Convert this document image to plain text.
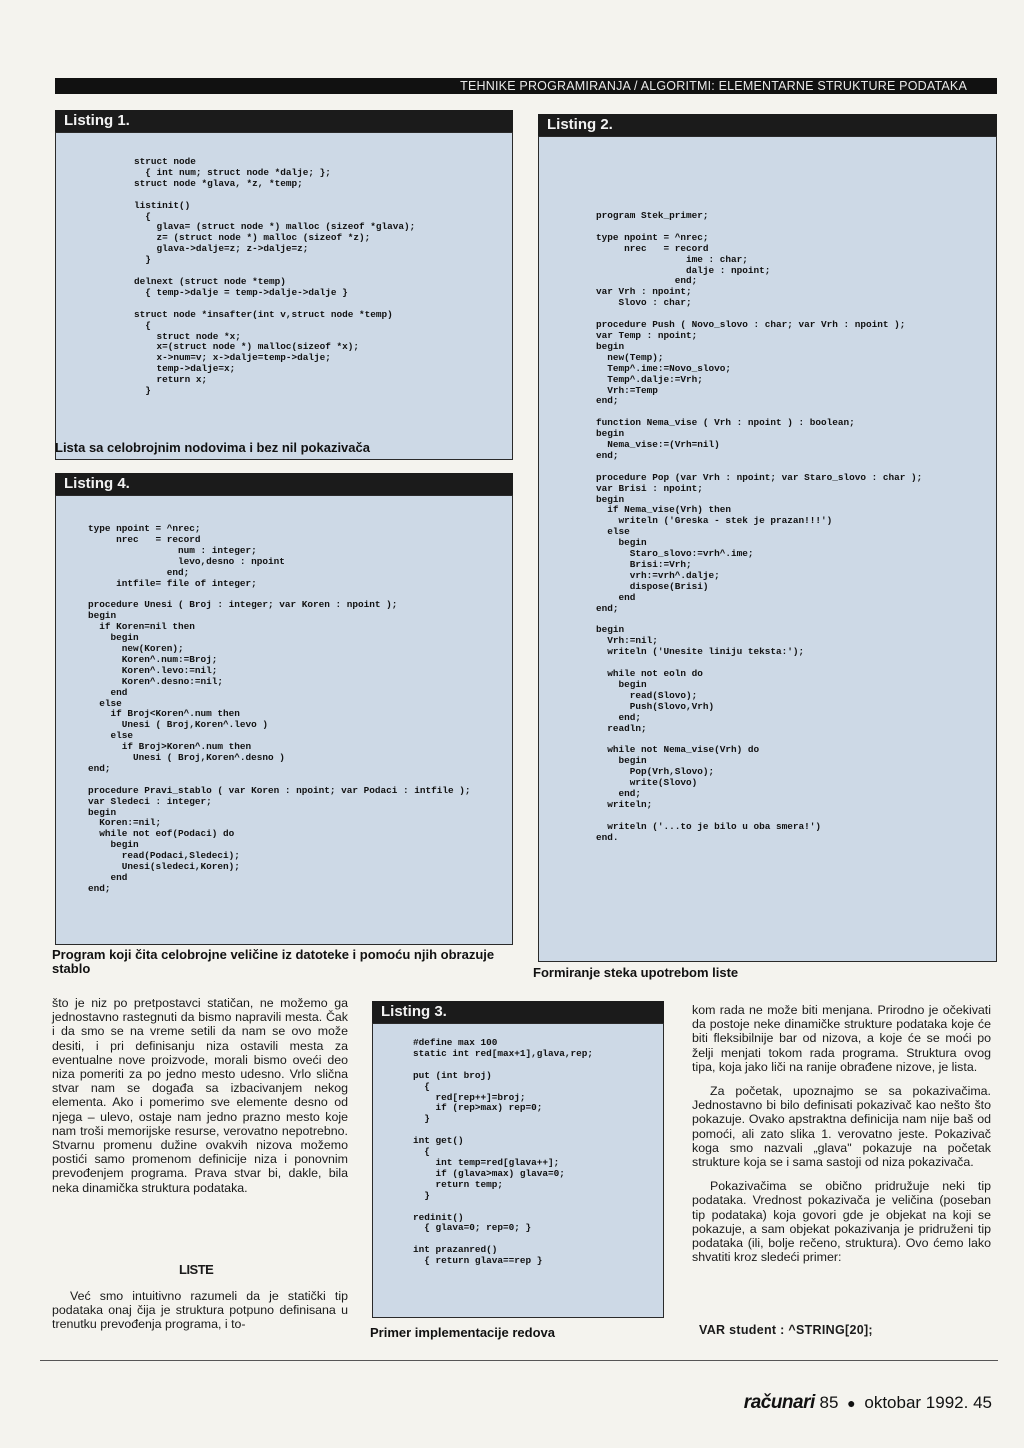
TEHNIKE PROGRAMIRANJA / ALGORITMI: ELEMENTARNE STRUKTURE PODATAKA
Listing 1.
struct node
{ int num; struct node *dalje; };
struct node *glava, *z, *temp;

listinit()
{
glava= (struct node *) malloc (sizeof *glava);
z= (struct node *) malloc (sizeof *z);
glava->dalje=z; z->dalje=z;
}

delnext (struct node *temp)
{ temp->dalje = temp->dalje->dalje }

struct node *insafter(int v,struct node *temp)
{
struct node *x;
x=(struct node *) malloc(sizeof *x);
x->num=v; x->dalje=temp->dalje;
temp->dalje=x;
return x;
}
Lista sa celobrojnim nodovima i bez nil pokazivača
Listing 2.
program Stek_primer;

type npoint = ^nrec;
nrec   = record
ime : char;
dalje : npoint;
end;
var Vrh : npoint;
Slovo : char;

procedure Push ( Novo_slovo : char; var Vrh : npoint );
var Temp : npoint;
begin
new(Temp);
Temp^.ime:=Novo_slovo;
Temp^.dalje:=Vrh;
Vrh:=Temp
end;

function Nema_vise ( Vrh : npoint ) : boolean;
begin
Nema_vise:=(Vrh=nil)
end;

procedure Pop (var Vrh : npoint; var Staro_slovo : char );
var Brisi : npoint;
begin
if Nema_vise(Vrh) then
writeln ('Greska - stek je prazan!!!')
else
begin
Staro_slovo:=vrh^.ime;
Brisi:=Vrh;
vrh:=vrh^.dalje;
dispose(Brisi)
end
end;

begin
Vrh:=nil;
writeln ('Unesite liniju teksta:');

while not eoln do
begin
read(Slovo);
Push(Slovo,Vrh)
end;
readln;

while not Nema_vise(Vrh) do
begin
Pop(Vrh,Slovo);
write(Slovo)
end;
writeln;

writeln ('...to je bilo u oba smera!')
end.
Formiranje steka upotrebom liste
Listing 4.
type npoint = ^nrec;
nrec   = record
num : integer;
levo,desno : npoint
end;
intfile= file of integer;

procedure Unesi ( Broj : integer; var Koren : npoint );
begin
if Koren=nil then
begin
new(Koren);
Koren^.num:=Broj;
Koren^.levo:=nil;
Koren^.desno:=nil;
end
else
if Broj<Koren^.num then
Unesi ( Broj,Koren^.levo )
else
if Broj>Koren^.num then
Unesi ( Broj,Koren^.desno )
end;

procedure Pravi_stablo ( var Koren : npoint; var Podaci : intfile );
var Sledeci : integer;
begin
Koren:=nil;
while not eof(Podaci) do
begin
read(Podaci,Sledeci);
Unesi(sledeci,Koren);
end
end;
Program koji čita celobrojne veličine iz datoteke i pomoću njih obrazuje stablo
Listing 3.
#define max 100
static int red[max+1],glava,rep;

put (int broj)
{
red[rep++]=broj;
if (rep>max) rep=0;
}

int get()
{
int temp=red[glava++];
if (glava>max) glava=0;
return temp;
}

redinit()
{ glava=0; rep=0; }

int prazanred()
{ return glava==rep }
Primer implementacije redova

što je niz po pretpostavci statičan, ne možemo ga jednostavno rastegnuti da bismo napravili mesta. Čak i da smo se na vreme setili da nam se ovo može desiti, i pri definisanju niza ostavili mesta za eventualne nove proizvode, morali bismo oveći deo niza pomeriti za po jedno mesto udesno. Vrlo slična stvar nam se događa sa izbacivanjem nekog elementa. Ako i pomerimo sve elemente desno od njega – ulevo, ostaje nam jedno prazno mesto koje nam troši memorijske resurse, verovatno nepotrebno. Stvarnu promenu dužine ovakvih nizova možemo postići samo promenom definicije niza i ponovnim prevođenjem programa. Prava stvar bi, dakle, bila neka dinamička struktura podataka.

LISTE

Već smo intuitivno razumeli da je statički tip podataka onaj čija je struktura potpuno definisana u trenutku prevođenja programa, i to-

kom rada ne može biti menjana. Prirodno je očekivati da postoje neke dinamičke strukture podataka koje će biti fleksibilnije bar od nizova, a koje će se moći po želji menjati tokom rada programa. Struktura ovog tipa, koja jako liči na ranije obrađene nizove, je lista.

Za početak, upoznajmo se sa pokazivačima. Jednostavno bi bilo definisati pokazivač kao nešto što pokazuje. Ovako apstraktna definicija nam nije baš od pomoći, ali zato slika 1. verovatno jeste. Pokazivač koga smo nazvali „glava" pokazuje na početak strukture koja se i sama sastoji od niza pokazivača.

Pokazivačima se obično pridružuje neki tip podataka. Vrednost pokazivača je veličina (poseban tip podataka) koja govori gde je objekat na koji se pokazuje, a sam objekat pokazivanja je pridruženi tip podataka (ili, bolje rečeno, struktura). Ovo ćemo lako shvatiti kroz sledeći primer:

VAR student : ^STRING[20];
računari 85 ● oktobar 1992. 45
